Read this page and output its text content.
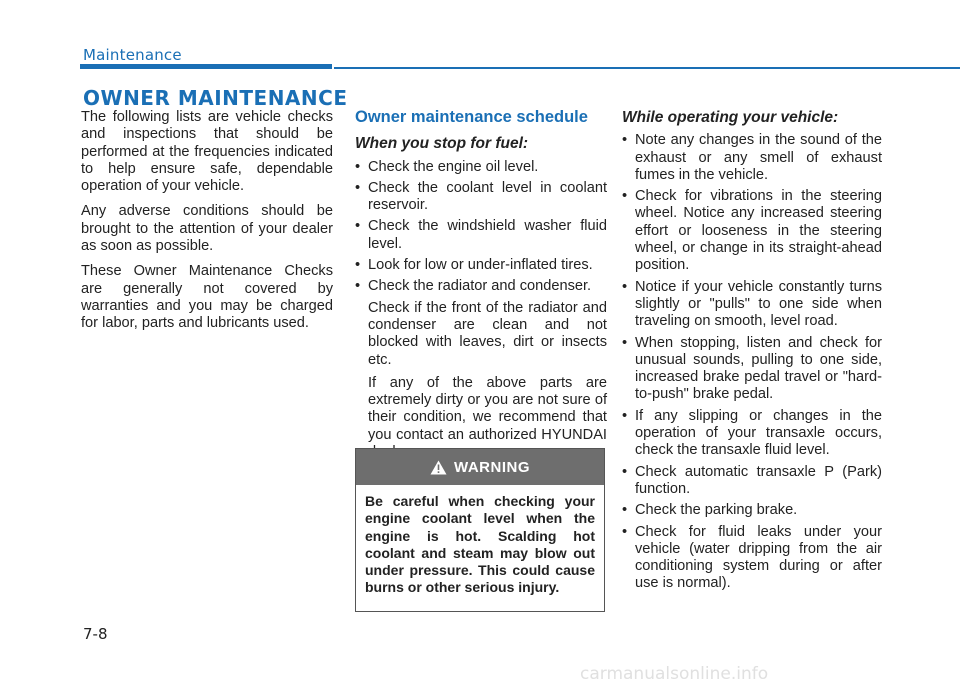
Maintenance
OWNER MAINTENANCE

The following lists are vehicle checks and inspections that should be performed at the frequencies indicated to help ensure safe, dependable operation of your vehicle.

Any adverse conditions should be brought to the attention of your dealer as soon as possible.

These Owner Maintenance Checks are generally not covered by warranties and you may be charged for labor, parts and lubricants used.

Owner maintenance schedule
When you stop for fuel:
• Check the engine oil level.
• Check the coolant level in coolant reservoir.
• Check the windshield washer fluid level.
• Look for low or under-inflated tires.
• Check the radiator and condenser.
Check if the front of the radiator and condenser are clean and not blocked with leaves, dirt or insects etc.
If any of the above parts are extremely dirty or you are not sure of their condition, we recommend that you contact an authorized HYUNDAI
WARNING
Be careful when checking your engine coolant level when the engine is hot. Scalding hot coolant and steam may blow out under pressure. This could cause burns or other serious injury.
While operating your vehicle:
• Note any changes in the sound of the exhaust or any smell of exhaust fumes in the vehicle.
• Check for vibrations in the steering wheel. Notice any increased steering effort or looseness in the steering wheel, or change in its straight-ahead position.
• Notice if your vehicle constantly turns slightly or "pulls" to one side when traveling on smooth, level road.
• When stopping, listen and check for unusual sounds, pulling to one side, increased brake pedal travel or "hard-to-push" brake pedal.
• If any slipping or changes in the operation of your transaxle occurs, check the transaxle fluid level.
• Check automatic transaxle P (Park) function.
• Check the parking brake.
• Check for fluid leaks under your vehicle (water dripping from the air conditioning system during or after use is normal).
7-8
carmanualsonline.info
